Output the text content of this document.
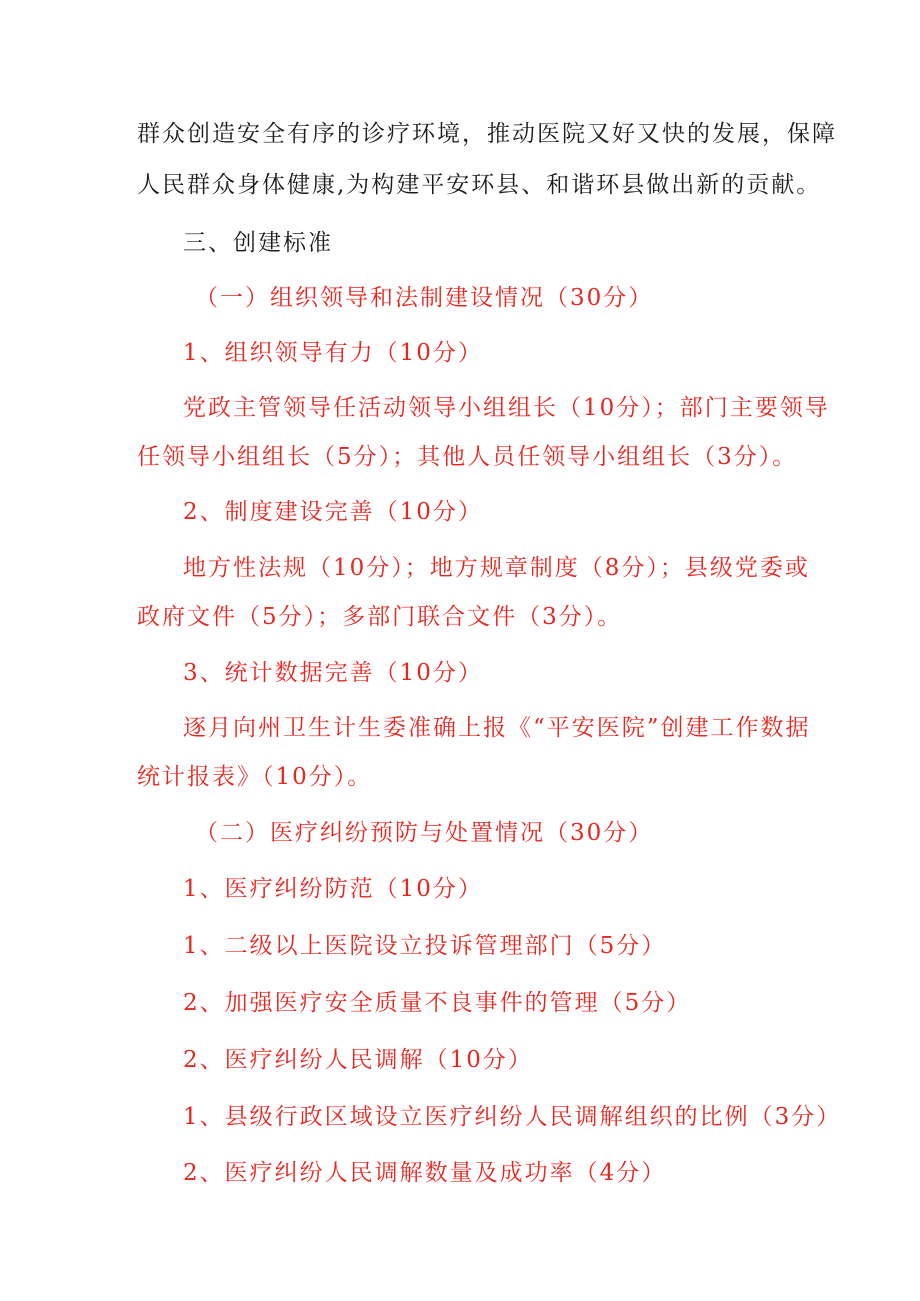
群众创造安全有序的诊疗环境，推动医院又好又快的发展，保障
人民群众身体健康,为构建平安环县、和谐环县做出新的贡献。
三、创建标准
（一）组织领导和法制建设情况（30分）
1、组织领导有力（10分）
党政主管领导任活动领导小组组长（10分）；部门主要领导
任领导小组组长（5分）；其他人员任领导小组组长（3分）。
2、制度建设完善（10分）
地方性法规（10分）；地方规章制度（8分）；县级党委或
政府文件（5分）；多部门联合文件（3分）。
3、统计数据完善（10分）
逐月向州卫生计生委准确上报《“平安医院”创建工作数据
统计报表》（10分）。
（二）医疗纠纷预防与处置情况（30分）
1、医疗纠纷防范（10分）
1、二级以上医院设立投诉管理部门（5分）
2、加强医疗安全质量不良事件的管理（5分）
2、医疗纠纷人民调解（10分）
1、县级行政区域设立医疗纠纷人民调解组织的比例（3分）
2、医疗纠纷人民调解数量及成功率（4分）
